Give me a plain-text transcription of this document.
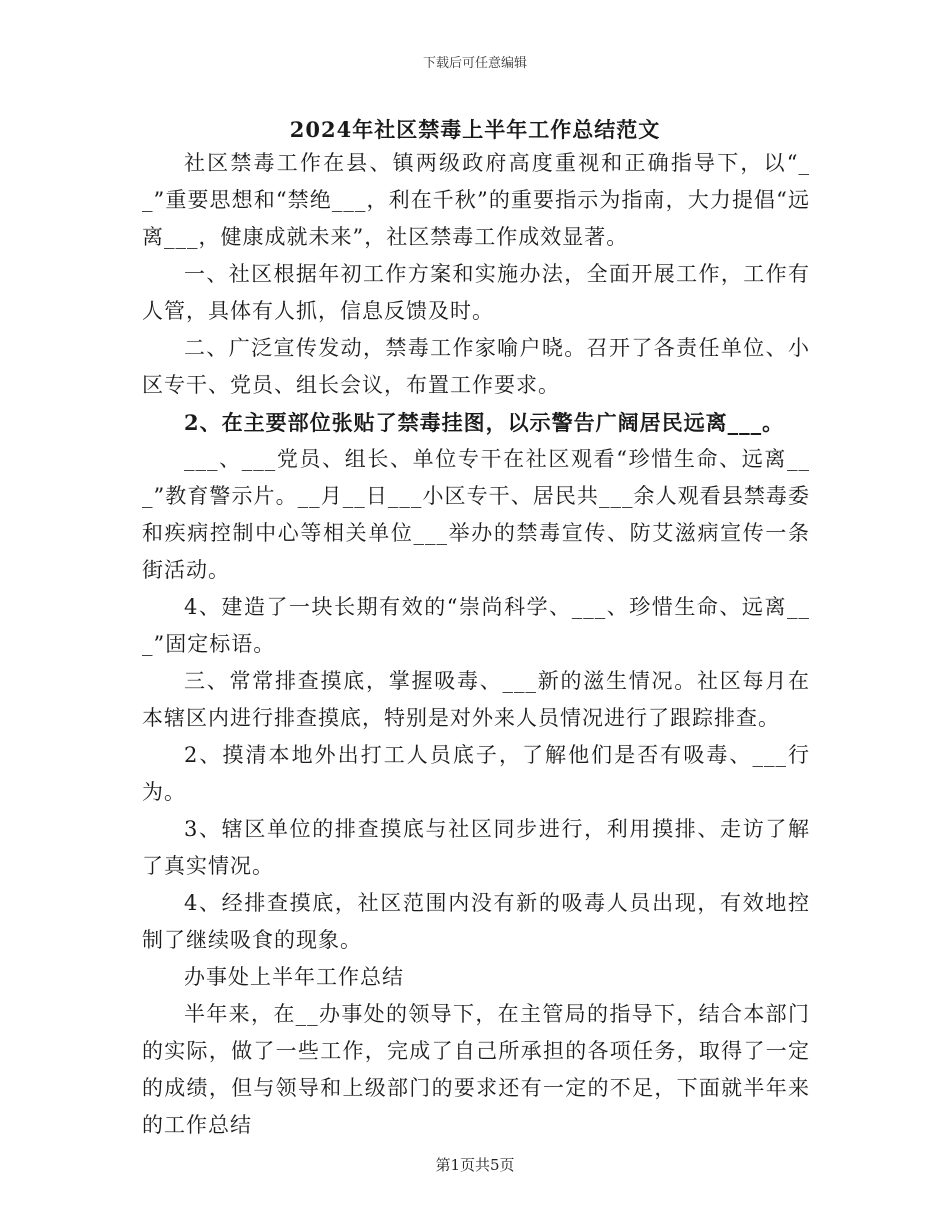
下载后可任意编辑
2024年社区禁毒上半年工作总结范文

社区禁毒工作在县、镇两级政府高度重视和正确指导下，以“__”重要思想和“禁绝___，利在千秋”的重要指示为指南，大力提倡“远离___，健康成就未来”，社区禁毒工作成效显著。

一、社区根据年初工作方案和实施办法，全面开展工作，工作有人管，具体有人抓，信息反馈及时。

二、广泛宣传发动，禁毒工作家喻户晓。召开了各责任单位、小区专干、党员、组长会议，布置工作要求。

2、在主要部位张贴了禁毒挂图，以示警告广阔居民远离___。

___、___党员、组长、单位专干在社区观看“珍惜生命、远离___”教育警示片。__月__日___小区专干、居民共___余人观看县禁毒委和疾病控制中心等相关单位___举办的禁毒宣传、防艾滋病宣传一条街活动。

4、建造了一块长期有效的“崇尚科学、___、珍惜生命、远离___”固定标语。

三、常常排查摸底，掌握吸毒、___新的滋生情况。社区每月在本辖区内进行排查摸底，特别是对外来人员情况进行了跟踪排查。

2、摸清本地外出打工人员底子，了解他们是否有吸毒、___行为。

3、辖区单位的排查摸底与社区同步进行，利用摸排、走访了解了真实情况。

4、经排查摸底，社区范围内没有新的吸毒人员出现，有效地控制了继续吸食的现象。

办事处上半年工作总结

半年来，在__办事处的领导下，在主管局的指导下，结合本部门的实际，做了一些工作，完成了自己所承担的各项任务，取得了一定的成绩，但与领导和上级部门的要求还有一定的不足，下面就半年来的工作总结

第1页共5页
